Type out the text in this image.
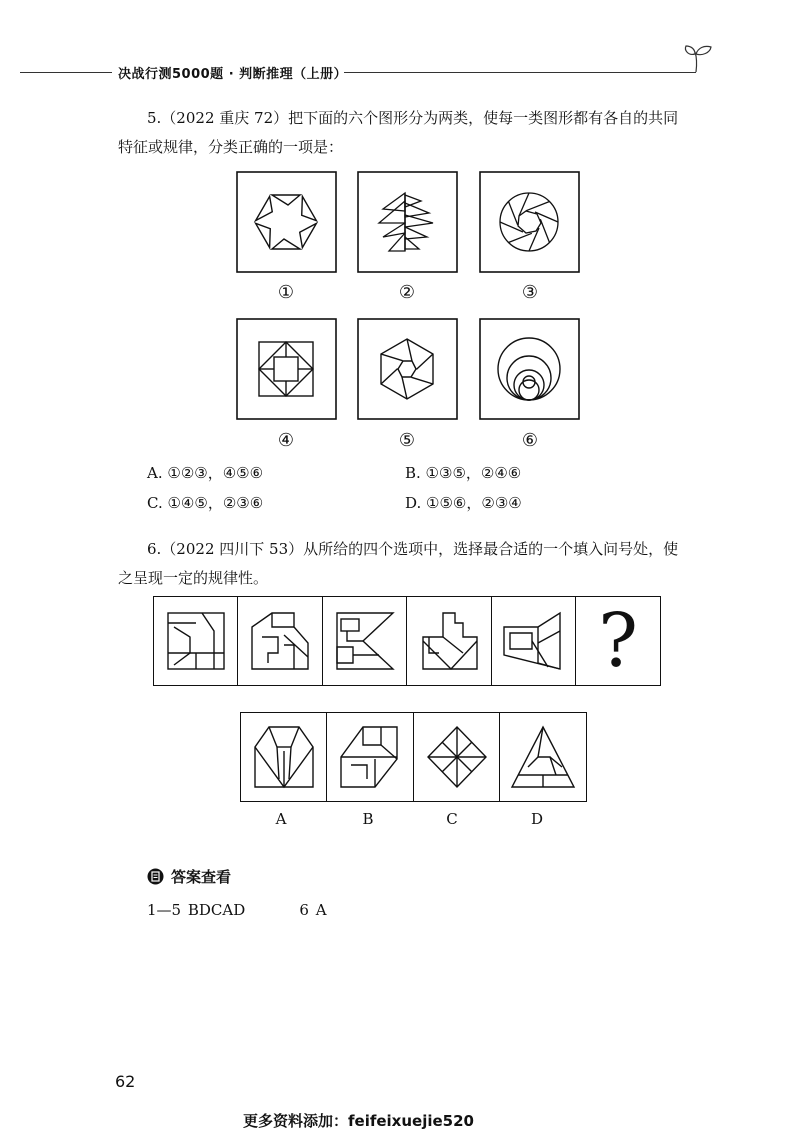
决战行测5000题 · 判断推理（上册）
5.（2022 重庆 72）把下面的六个图形分为两类，使每一类图形都有各自的共同
特征或规律，分类正确的一项是：
①	②	③
④	⑤	⑥
A. ①②③，④⑤⑥	B. ①③⑤，②④⑥
C. ①④⑤，②③⑥	D. ①⑤⑥，②③④
6.（2022 四川下 53）从所给的四个选项中，选择最合适的一个填入问号处，使
之呈现一定的规律性。
?
A	B	C	D
答案查看
1—5 BDCAD        6 A
62
更多资料添加：feifeixuejie520
